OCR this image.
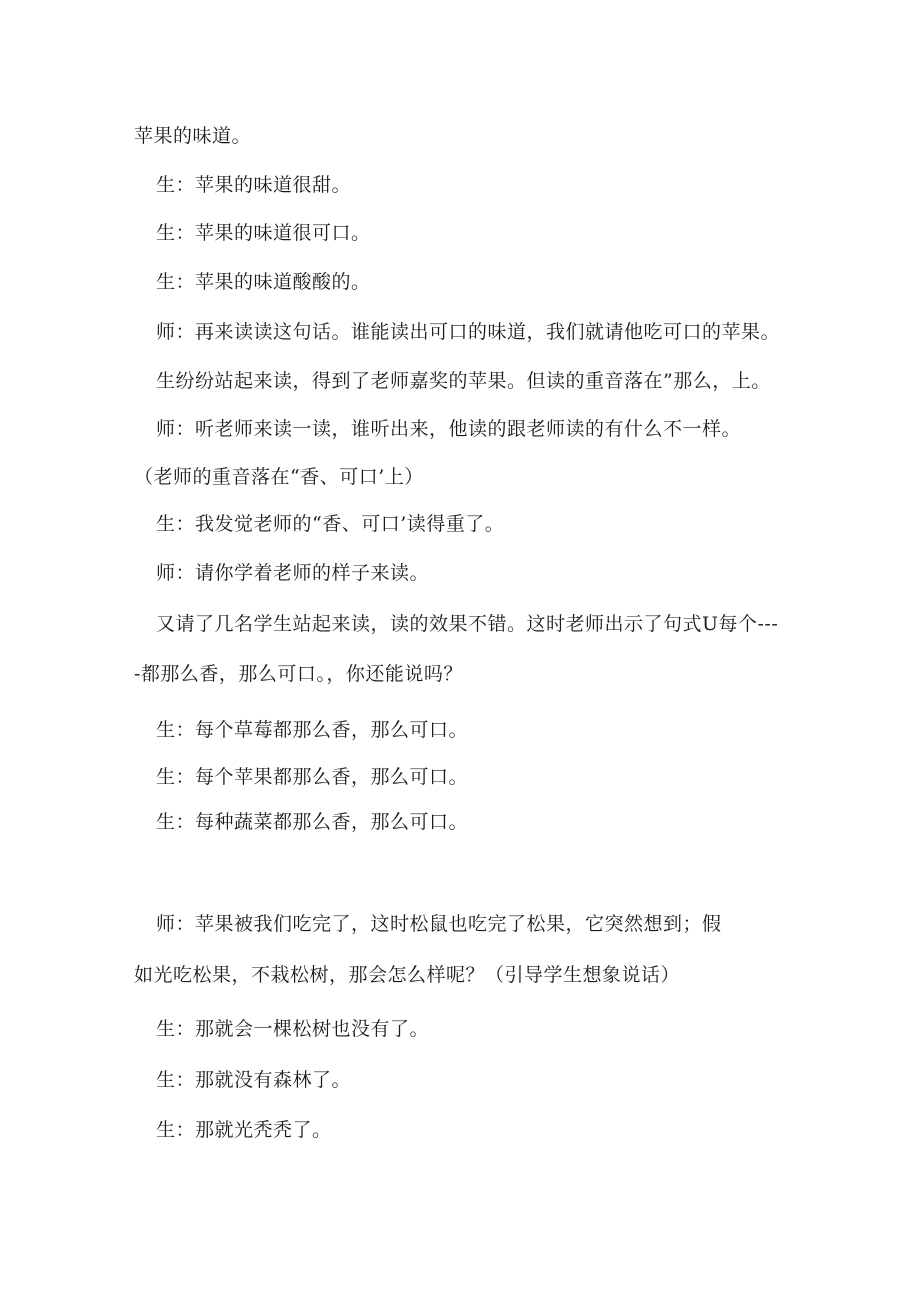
苹果的味道。
生：苹果的味道很甜。
生：苹果的味道很可口。
生：苹果的味道酸酸的。
师：再来读读这句话。谁能读出可口的味道，我们就请他吃可口的苹果。
生纷纷站起来读，得到了老师嘉奖的苹果。但读的重音落在”那么，上。
师：听老师来读一读，谁听出来，他读的跟老师读的有什么不一样。
（老师的重音落在“香、可口’上）
生：我发觉老师的“香、可口’读得重了。
师：请你学着老师的样子来读。
又请了几名学生站起来读，读的效果不错。这时老师出示了句式U每个---
-都那么香，那么可口。，你还能说吗？
生：每个草莓都那么香，那么可口。
生：每个苹果都那么香，那么可口。
生：每种蔬菜都那么香，那么可口。
师：苹果被我们吃完了，这时松鼠也吃完了松果，它突然想到；假
如光吃松果，不栽松树，那会怎么样呢？（引导学生想象说话）
生：那就会一棵松树也没有了。
生：那就没有森林了。
生：那就光秃秃了。
